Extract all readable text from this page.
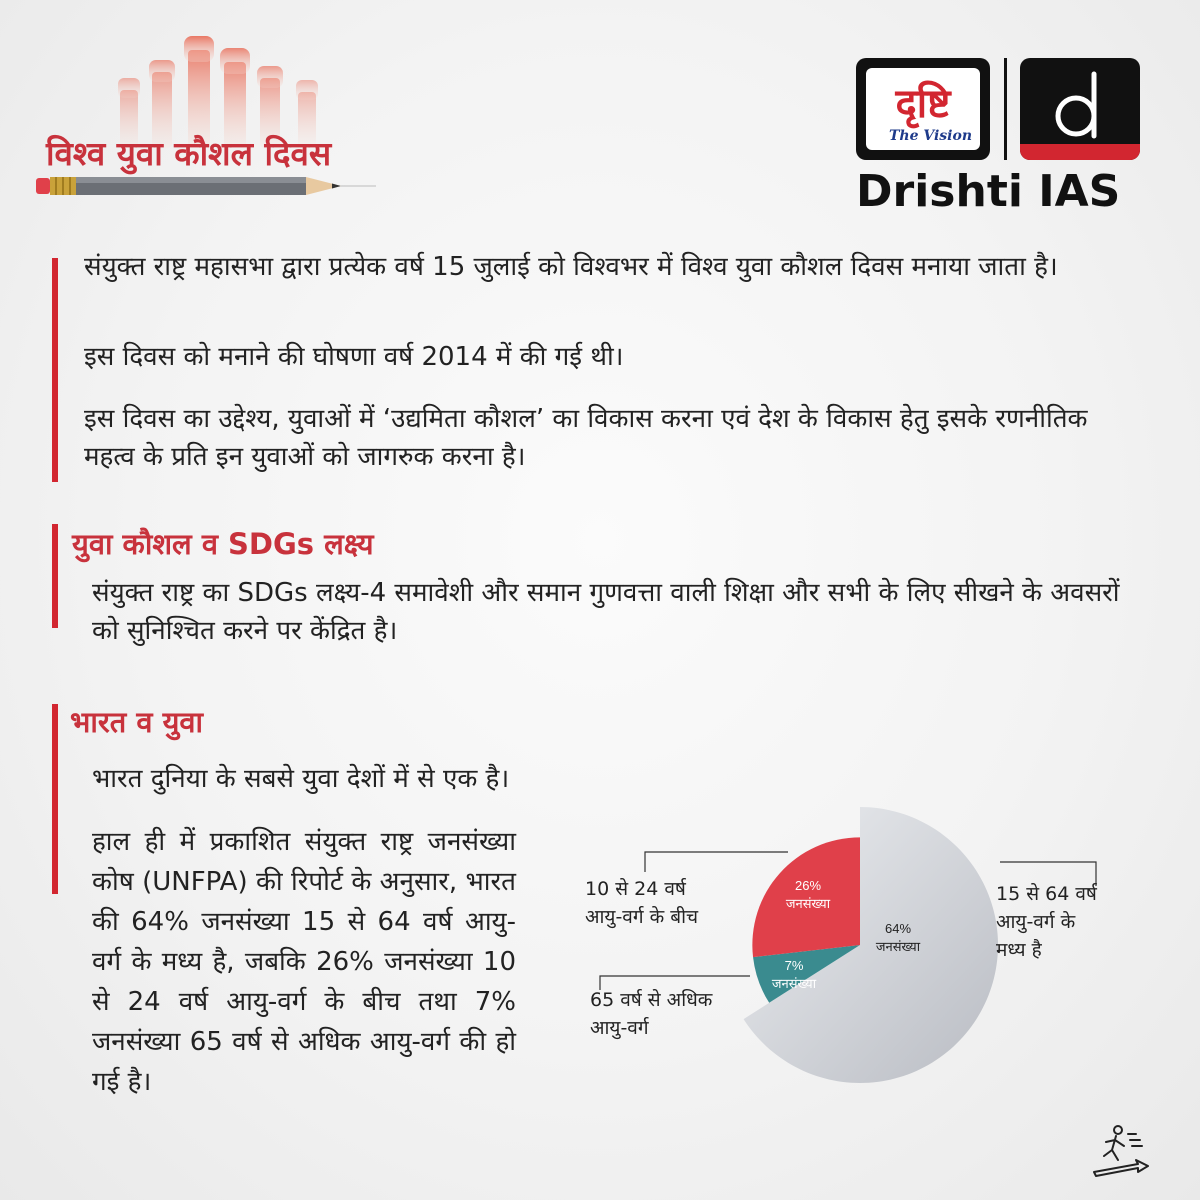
विश्व युवा कौशल दिवस
दृष्टि
The Vision
Drishti IAS
संयुक्त राष्ट्र महासभा द्वारा प्रत्येक वर्ष 15 जुलाई को विश्वभर में विश्व युवा कौशल दिवस मनाया जाता है।
इस दिवस को मनाने की घोषणा वर्ष 2014 में की गई थी।
इस दिवस का उद्देश्य, युवाओं में ‘उद्यमिता कौशल’ का विकास करना एवं देश के विकास हेतु इसके रणनीतिक महत्व के प्रति इन युवाओं को जागरुक करना है।
युवा कौशल व SDGs लक्ष्य
संयुक्त राष्ट्र का SDGs लक्ष्य-4 समावेशी और समान गुणवत्ता वाली शिक्षा और सभी के लिए सीखने के अवसरों को सुनिश्चित करने पर केंद्रित है।
भारत व युवा
भारत दुनिया के सबसे युवा देशों में से एक है।
हाल ही में प्रकाशित संयुक्त राष्ट्र जनसंख्या कोष (UNFPA) की रिपोर्ट के अनुसार, भारत की 64% जनसंख्या 15 से 64 वर्ष आयु-वर्ग के मध्य है, जबकि 26% जनसंख्या 10 से 24 वर्ष आयु-वर्ग के बीच तथा 7% जनसंख्या 65 वर्ष से अधिक आयु-वर्ग की हो गई है।
26%
जनसंख्या
64%
जनसंख्या
7%
जनसंख्या
10 से 24 वर्ष
आयु-वर्ग के बीच
65 वर्ष से अधिक
आयु-वर्ग
15 से 64 वर्ष
आयु-वर्ग के
मध्य है
